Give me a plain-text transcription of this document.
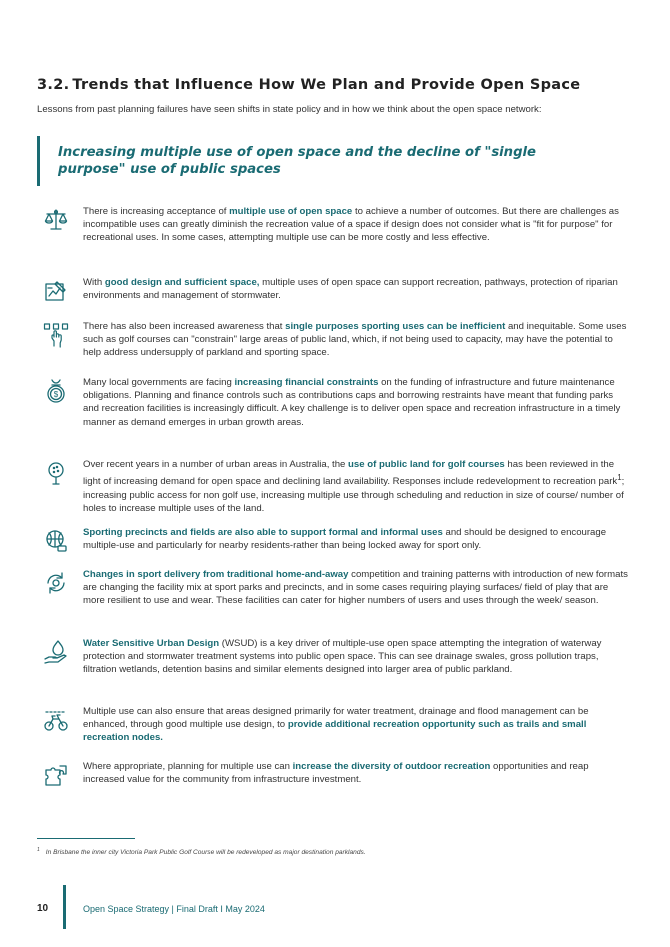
3.2. Trends that Influence How We Plan and Provide Open Space

Lessons from past planning failures have seen shifts in state policy and in how we think about the open space network:

Increasing multiple use of open space and the decline of "single
purpose" use of public spaces

There is increasing acceptance of multiple use of open space to achieve a number of outcomes. But there are challenges as incompatible uses can greatly diminish the recreation value of a space if design does not consider what is "fit for purpose" for recreational uses. In some cases, attempting multiple use can be more costly and less effective.

With good design and sufficient space, multiple uses of open space can support recreation, pathways, protection of riparian environments and management of stormwater.

There has also been increased awareness that single purposes sporting uses can be inefficient and inequitable. Some uses such as golf courses can "constrain" large areas of public land, which, if not being used to capacity, may have the potential to help address undersupply of parkland and sporting space.

$

Many local governments are facing increasing financial constraints on the funding of infrastructure and future maintenance obligations. Planning and finance controls such as contributions caps and borrowing restraints have meant that funding parks and recreation facilities is increasingly difficult. A key challenge is to deliver open space and recreation infrastructure in a timely manner as demand emerges in urban growth areas.

Over recent years in a number of urban areas in Australia, the use of public land for golf courses has been reviewed in the light of increasing demand for open space and declining land availability. Responses include redevelopment to recreation park$^1$; increasing public access for non golf use, increasing multiple use through scheduling and reduction in size of course/ number of holes to increase multiple uses of the land.

Sporting precincts and fields are also able to support formal and informal uses and should be designed to encourage multiple-use and particularly for nearby residents-rather than being locked away for sport only.

Changes in sport delivery from traditional home-and-away competition and training patterns with introduction of new formats are changing the facility mix at sport parks and precincts, and in some cases requiring playing surfaces/ field of play that are more resilient to use and wear. These facilities can cater for higher numbers of users and uses through the week/ season.

Water Sensitive Urban Design (WSUD) is a key driver of multiple-use open space attempting the integration of waterway protection and stormwater treatment systems into public open space. This can see drainage swales, gross pollution traps, filtration wetlands, detention basins and similar elements designed into larger area of public parkland.

Multiple use can also ensure that areas designed primarily for water treatment, drainage and flood management can be enhanced, through good multiple use design, to provide additional recreation opportunity such as trails and small recreation nodes.

Where appropriate, planning for multiple use can increase the diversity of outdoor recreation opportunities and reap increased value for the community from infrastructure investment.

$^1$ In Brisbane the inner city Victoria Park Public Golf Course will be redeveloped as major destination parklands.

10	Open Space Strategy | Final Draft I May 2024
